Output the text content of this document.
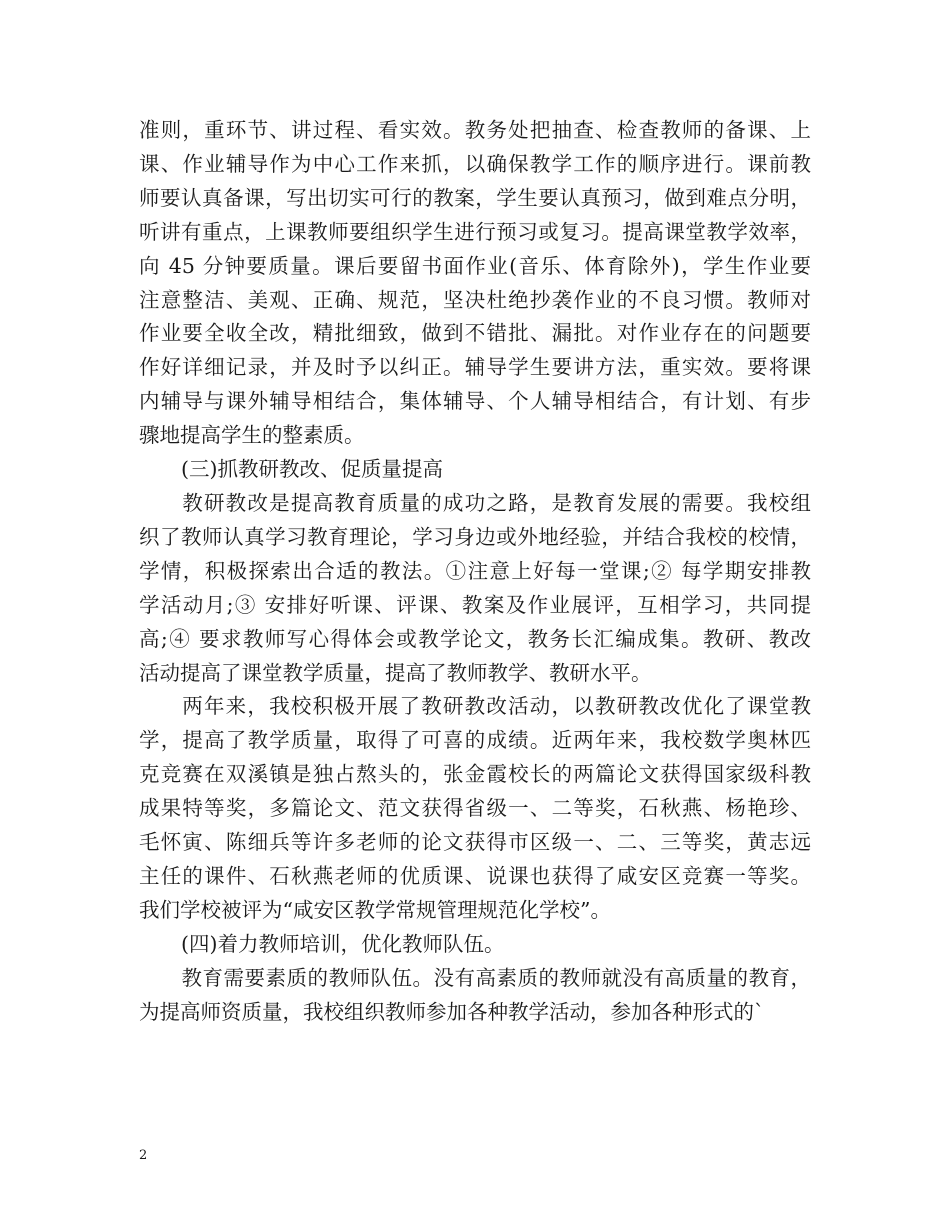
准则，重环节、讲过程、看实效。教务处把抽查、检查教师的备课、上
课、作业辅导作为中心工作来抓，以确保教学工作的顺序进行。课前教
师要认真备课，写出切实可行的教案，学生要认真预习，做到难点分明，
听讲有重点，上课教师要组织学生进行预习或复习。提高课堂教学效率，
向 45 分钟要质量。课后要留书面作业(音乐、体育除外)，学生作业要
注意整洁、美观、正确、规范，坚决杜绝抄袭作业的不良习惯。教师对
作业要全收全改，精批细致，做到不错批、漏批。对作业存在的问题要
作好详细记录，并及时予以纠正。辅导学生要讲方法，重实效。要将课
内辅导与课外辅导相结合，集体辅导、个人辅导相结合，有计划、有步
骤地提高学生的整素质。
(三)抓教研教改、促质量提高
教研教改是提高教育质量的成功之路，是教育发展的需要。我校组
织了教师认真学习教育理论，学习身边或外地经验，并结合我校的校情，
学情，积极探索出合适的教法。①注意上好每一堂课;② 每学期安排教
学活动月;③ 安排好听课、评课、教案及作业展评，互相学习，共同提
高;④ 要求教师写心得体会或教学论文，教务长汇编成集。教研、教改
活动提高了课堂教学质量，提高了教师教学、教研水平。
两年来，我校积极开展了教研教改活动，以教研教改优化了课堂教
学，提高了教学质量，取得了可喜的成绩。近两年来，我校数学奥林匹
克竞赛在双溪镇是独占熬头的，张金霞校长的两篇论文获得国家级科教
成果特等奖，多篇论文、范文获得省级一、二等奖，石秋燕、杨艳珍、
毛怀寅、陈细兵等许多老师的论文获得市区级一、二、三等奖，黄志远
主任的课件、石秋燕老师的优质课、说课也获得了咸安区竞赛一等奖。
我们学校被评为“咸安区教学常规管理规范化学校”。
(四)着力教师培训，优化教师队伍。
教育需要素质的教师队伍。没有高素质的教师就没有高质量的教育，
为提高师资质量，我校组织教师参加各种教学活动，参加各种形式的`
2
